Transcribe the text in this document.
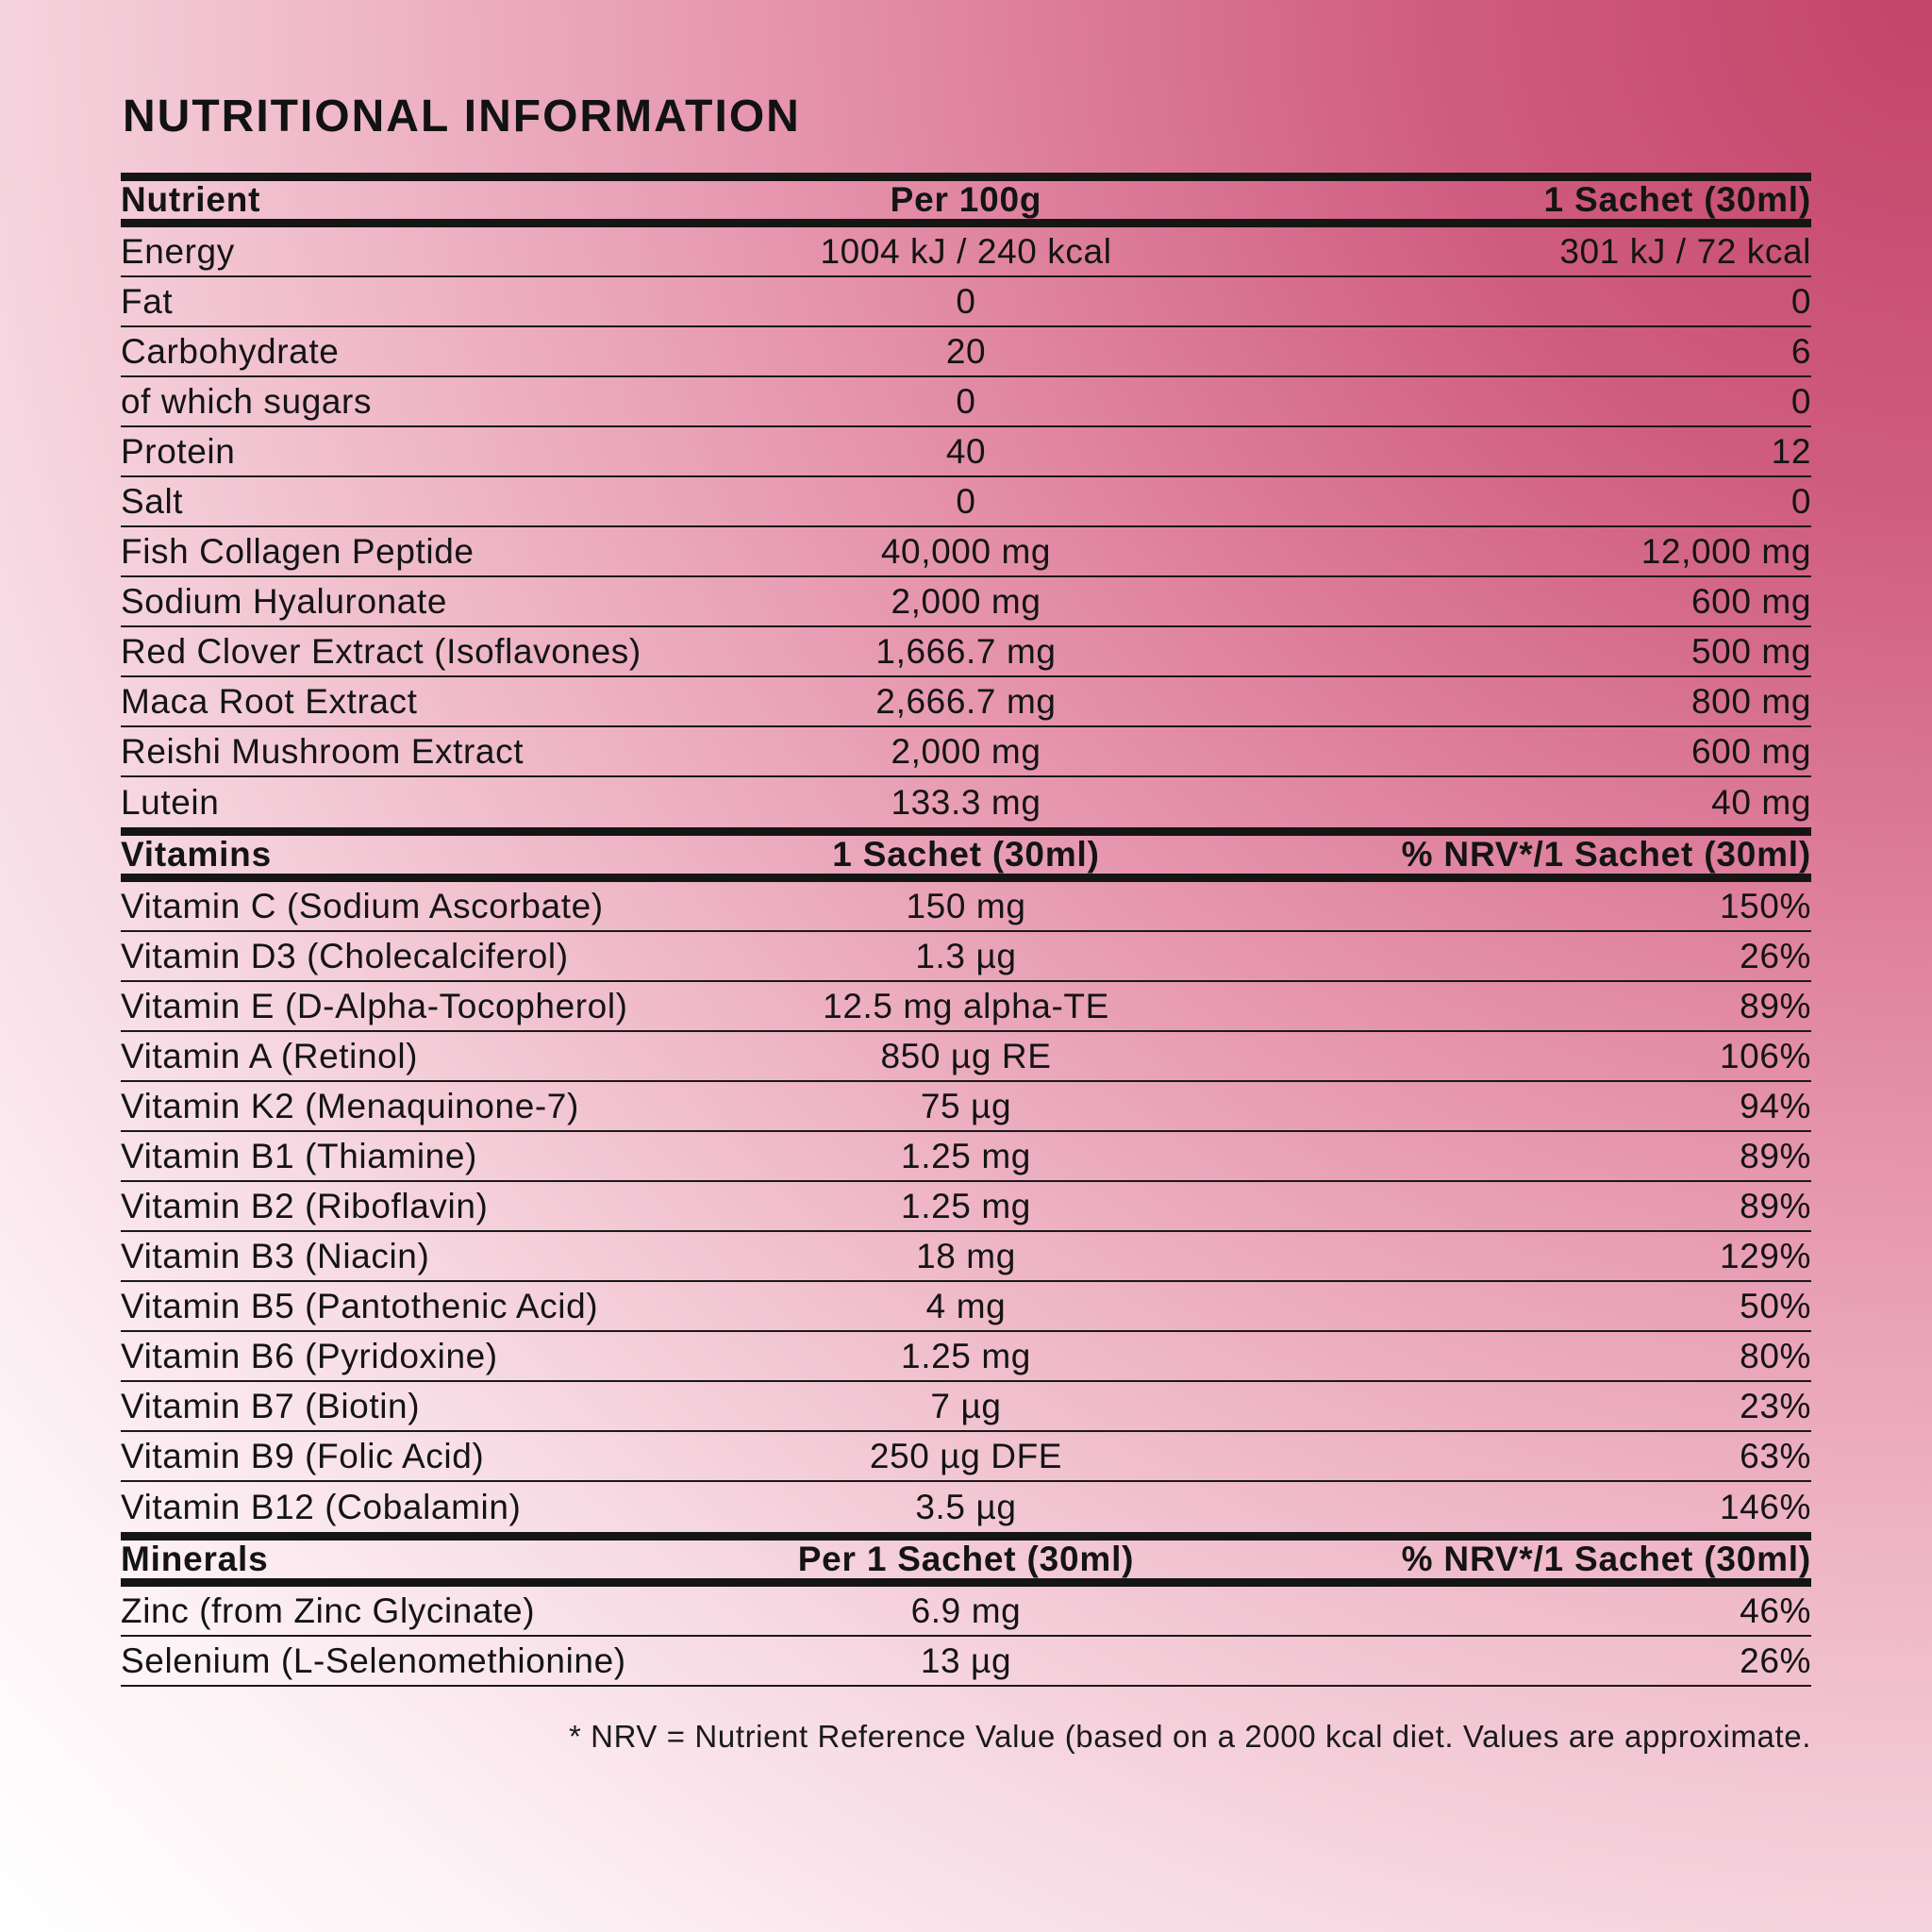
NUTRITIONAL INFORMATION
Nutrient	Per 100g	1 Sachet (30ml)
Energy	1004 kJ / 240 kcal	301 kJ / 72 kcal
Fat	0	0
Carbohydrate	20	6
of which sugars	0	0
Protein	40	12
Salt	0	0
Fish Collagen Peptide	40,000 mg	12,000 mg
Sodium Hyaluronate	2,000 mg	600 mg
Red Clover Extract (Isoflavones)	1,666.7 mg	500 mg
Maca Root Extract	2,666.7 mg	800 mg
Reishi Mushroom Extract	2,000 mg	600 mg
Lutein	133.3 mg	40 mg
Vitamins	1 Sachet (30ml)	% NRV*/1 Sachet (30ml)
Vitamin C (Sodium Ascorbate)	150 mg	150%
Vitamin D3 (Cholecalciferol)	1.3 µg	26%
Vitamin E (D-Alpha-Tocopherol)	12.5 mg alpha-TE	89%
Vitamin A (Retinol)	850 µg RE	106%
Vitamin K2 (Menaquinone-7)	75 µg	94%
Vitamin B1 (Thiamine)	1.25 mg	89%
Vitamin B2 (Riboflavin)	1.25 mg	89%
Vitamin B3 (Niacin)	18 mg	129%
Vitamin B5 (Pantothenic Acid)	4 mg	50%
Vitamin B6 (Pyridoxine)	1.25 mg	80%
Vitamin B7 (Biotin)	7 µg	23%
Vitamin B9 (Folic Acid)	250 µg DFE	63%
Vitamin B12 (Cobalamin)	3.5 µg	146%
Minerals	Per 1 Sachet (30ml)	% NRV*/1 Sachet (30ml)
Zinc (from Zinc Glycinate)	6.9 mg	46%
Selenium (L-Selenomethionine)	13 µg	26%
* NRV = Nutrient Reference Value (based on a 2000 kcal diet. Values are approximate.
